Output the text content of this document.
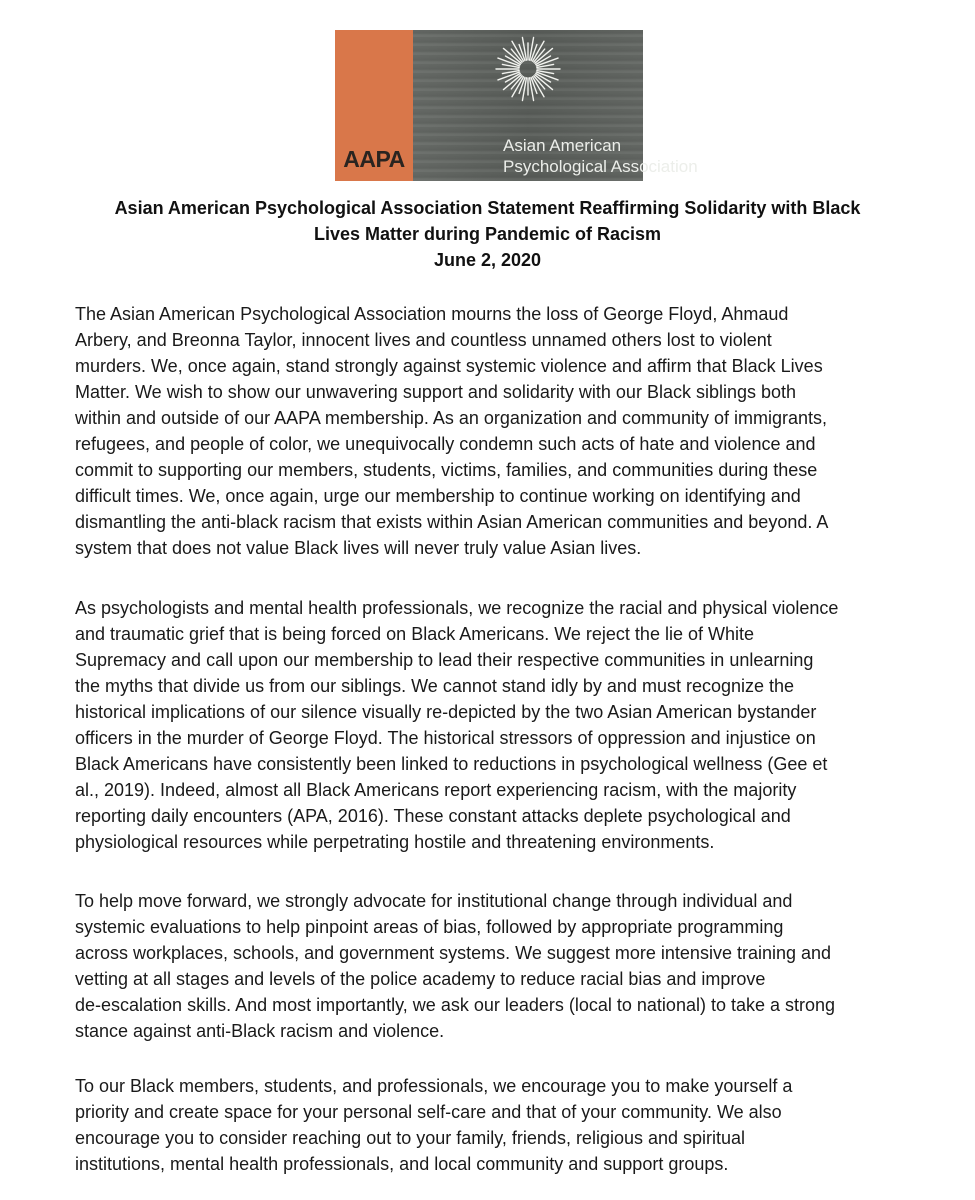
AAPA
Asian American
Psychological Association
Asian American Psychological Association Statement Reaffirming Solidarity with Black
Lives Matter during Pandemic of Racism
June 2, 2020
The Asian American Psychological Association mourns the loss of George Floyd, Ahmaud
Arbery, and Breonna Taylor, innocent lives and countless unnamed others lost to violent
murders. We, once again, stand strongly against systemic violence and affirm that Black Lives
Matter. We wish to show our unwavering support and solidarity with our Black siblings both
within and outside of our AAPA membership. As an organization and community of immigrants,
refugees, and people of color, we unequivocally condemn such acts of hate and violence and
commit to supporting our members, students, victims, families, and communities during these
difficult times. We, once again, urge our membership to continue working on identifying and
dismantling the anti-black racism that exists within Asian American communities and beyond. A
system that does not value Black lives will never truly value Asian lives.
As psychologists and mental health professionals, we recognize the racial and physical violence
and traumatic grief that is being forced on Black Americans. We reject the lie of White
Supremacy and call upon our membership to lead their respective communities in unlearning
the myths that divide us from our siblings. We cannot stand idly by and must recognize the
historical implications of our silence visually re-depicted by the two Asian American bystander
officers in the murder of George Floyd. The historical stressors of oppression and injustice on
Black Americans have consistently been linked to reductions in psychological wellness (Gee et
al., 2019). Indeed, almost all Black Americans report experiencing racism, with the majority
reporting daily encounters (APA, 2016). These constant attacks deplete psychological and
physiological resources while perpetrating hostile and threatening environments.
To help move forward, we strongly advocate for institutional change through individual and
systemic evaluations to help pinpoint areas of bias, followed by appropriate programming
across workplaces, schools, and government systems. We suggest more intensive training and
vetting at all stages and levels of the police academy to reduce racial bias and improve
de-escalation skills. And most importantly, we ask our leaders (local to national) to take a strong
stance against anti-Black racism and violence.
To our Black members, students, and professionals, we encourage you to make yourself a
priority and create space for your personal self-care and that of your community. We also
encourage you to consider reaching out to your family, friends, religious and spiritual
institutions, mental health professionals, and local community and support groups.
